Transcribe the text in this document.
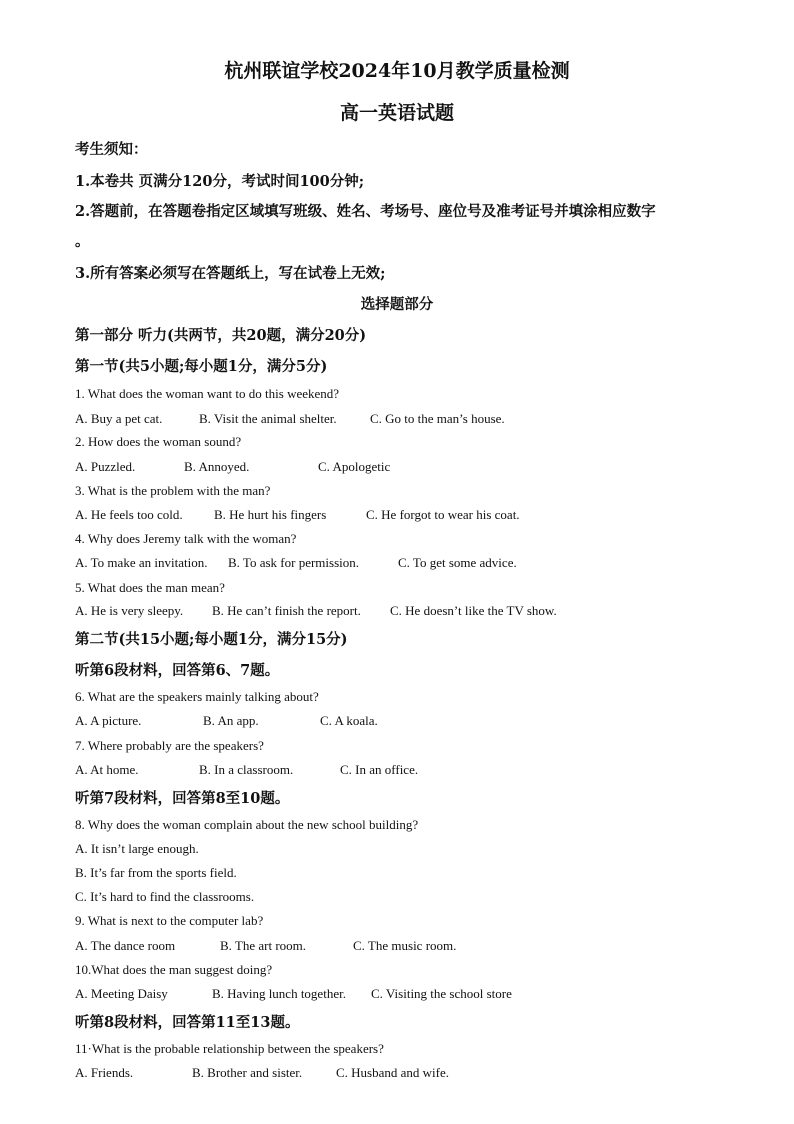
杭州联谊学校2024年10月教学质量检测
高一英语试题
考生须知：
1.本卷共 页满分120分，考试时间100分钟;
2.答题前，在答题卷指定区域填写班级、姓名、考场号、座位号及准考证号并填涂相应数字
。
3.所有答案必须写在答题纸上，写在试卷上无效;
选择题部分
第一部分 听力(共两节，共20题，满分20分)
第一节(共5小题;每小题1分，满分5分)
1. What does the woman want to do this weekend?
A. Buy a pet cat.	B. Visit the animal shelter.	C. Go to the man’s house.
2. How does the woman sound?
A. Puzzled.	B. Annoyed.	C. Apologetic
3. What is the problem with the man?
A. He feels too cold. B. He hurt his fingers	C. He forgot to wear his coat.
4. Why does Jeremy talk with the woman?
A. To make an invitation. B. To ask for permission.	C. To get some advice.
5. What does the man mean?
A. He is very sleepy. B. He can’t finish the report. C. He doesn’t like the TV show.
第二节(共15小题;每小题1分，满分15分)
听第6段材料，回答第6、7题。
6. What are the speakers mainly talking about?
A. A picture.	B. An app.	C. A koala.
7. Where probably are the speakers?
A. At home.	B. In a classroom.	C. In an office.
听第7段材料，回答第8至10题。
8. Why does the woman complain about the new school building?
A. It isn’t large enough.
B. It’s far from the sports field.
C. It’s hard to find the classrooms.
9. What is next to the computer lab?
A. The dance room	B. The art room.	C. The music room.
10.What does the man suggest doing?
A. Meeting Daisy	B. Having lunch together. C. Visiting the school store
听第8段材料，回答第11至13题。
11·What is the probable relationship between the speakers?
A. Friends.	B. Brother and sister.	C. Husband and wife.
